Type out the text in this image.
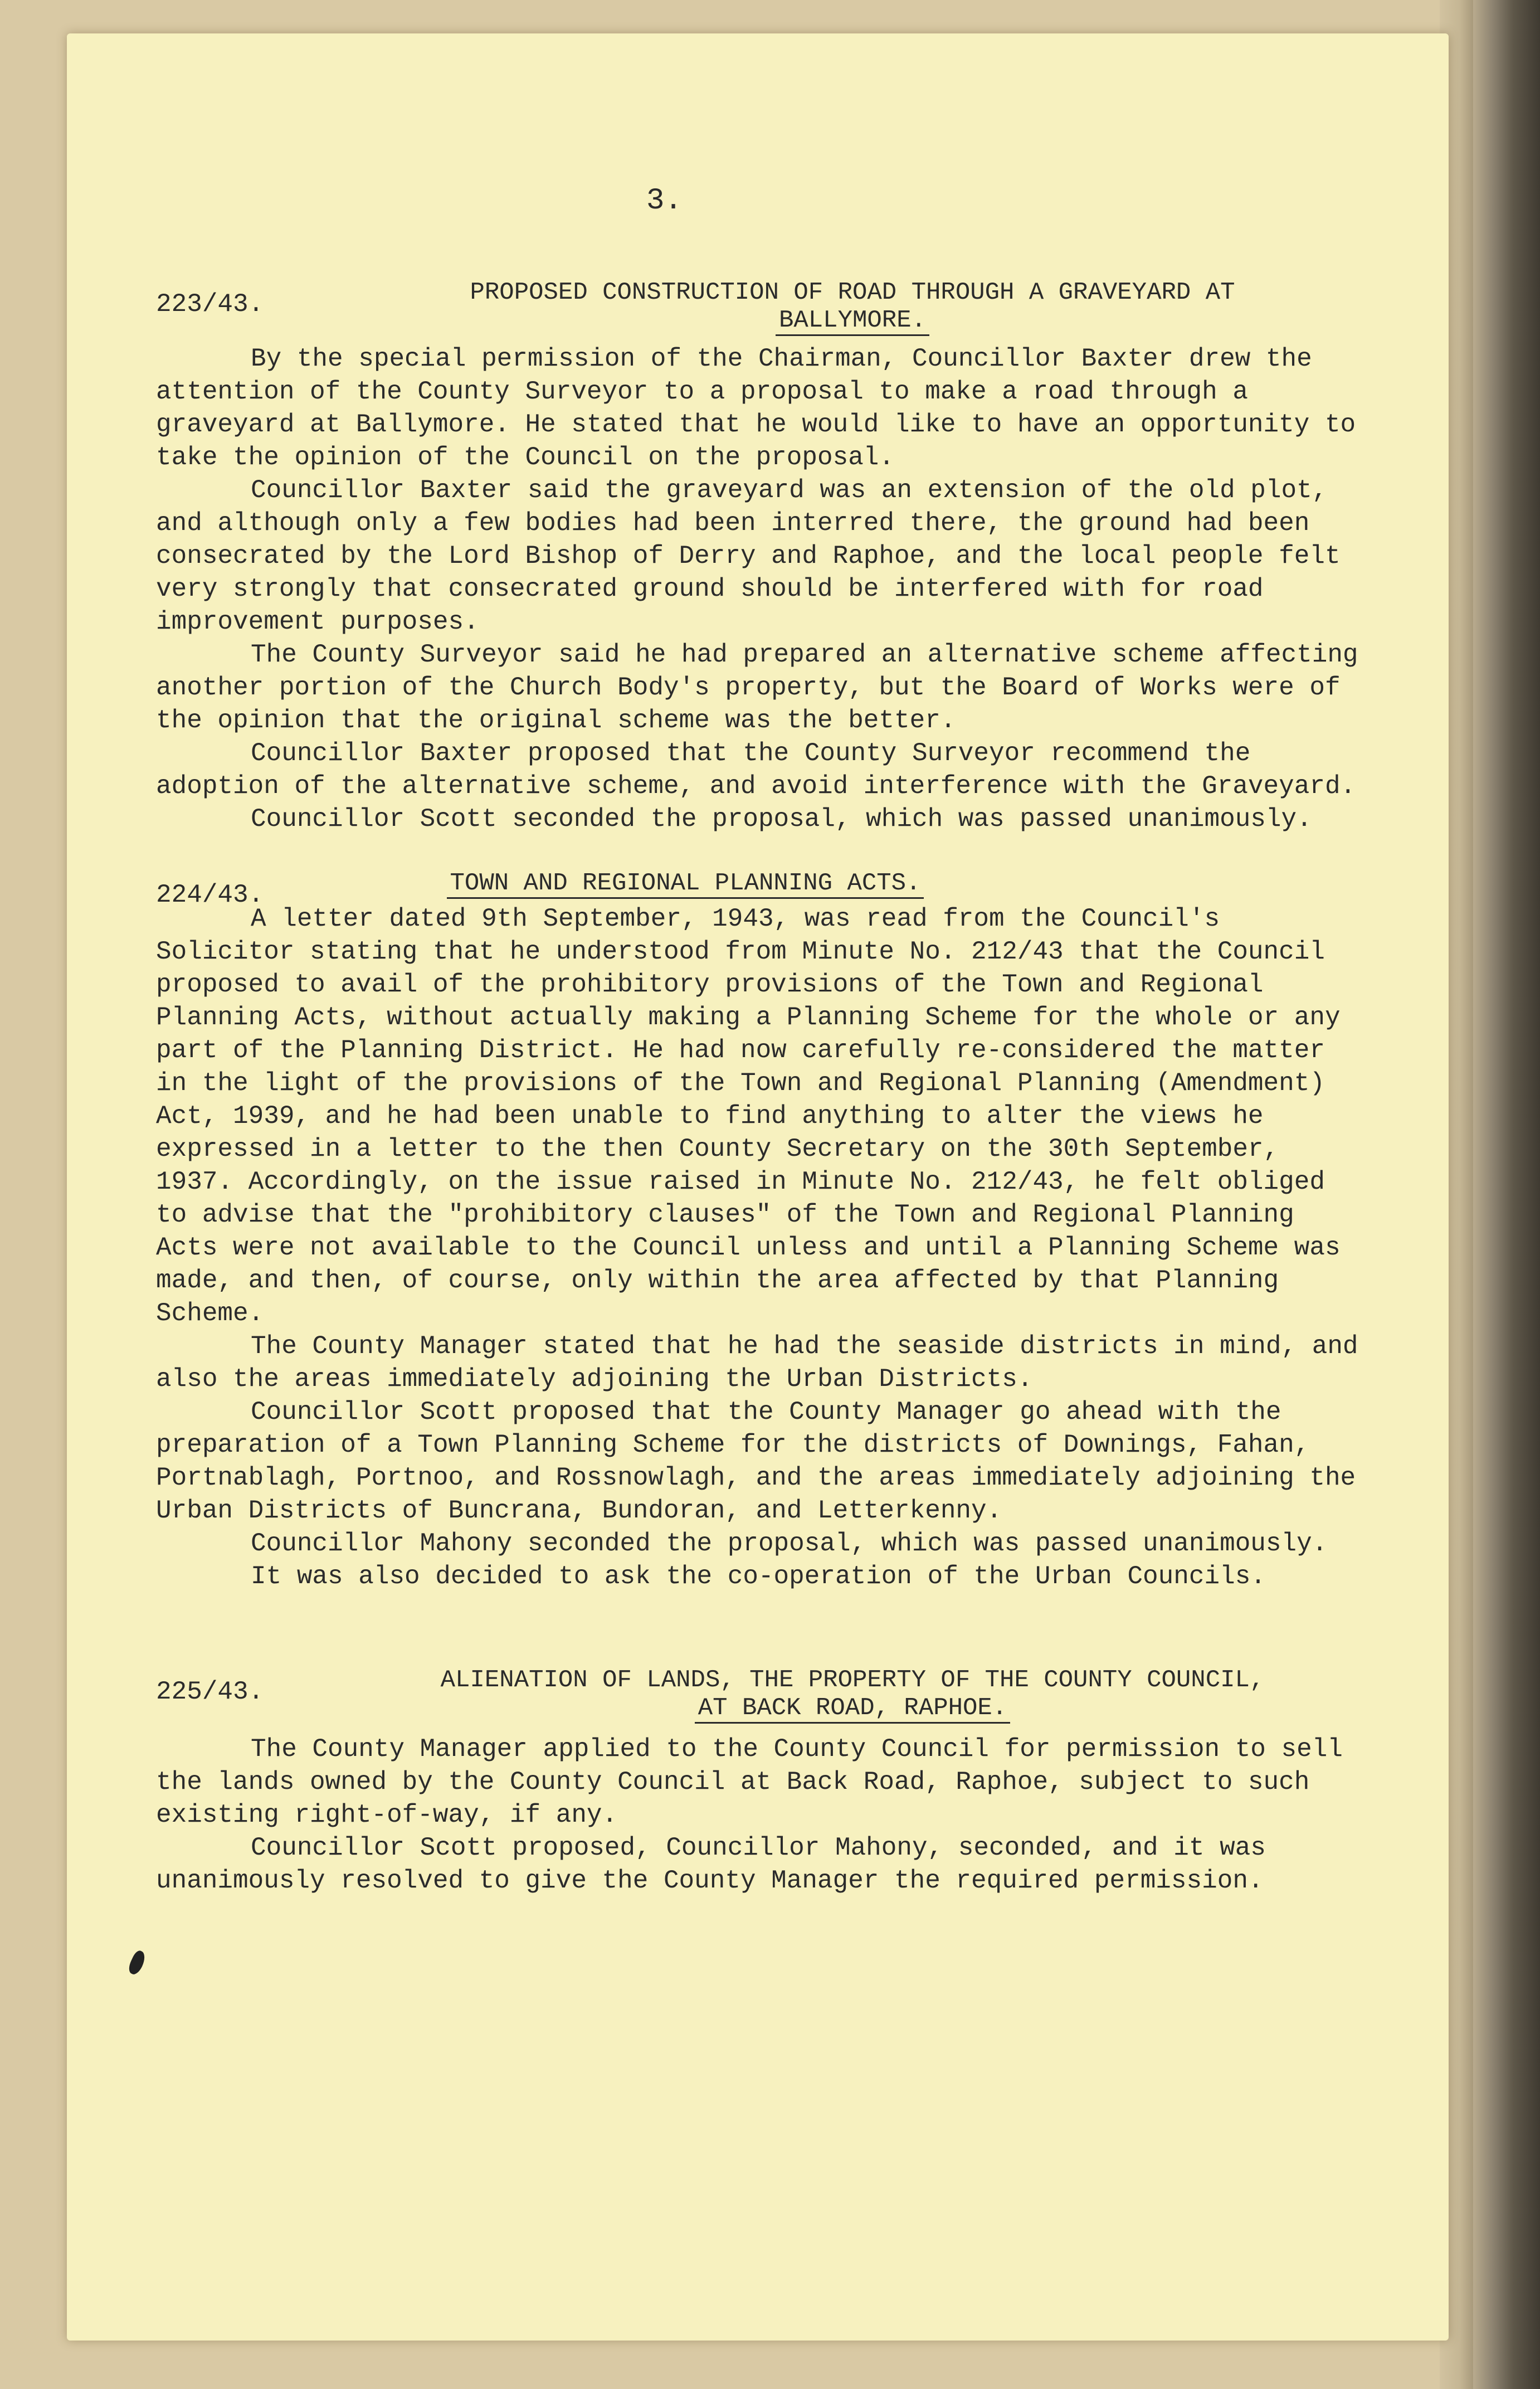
3.
223/43.	PROPOSED CONSTRUCTION OF ROAD THROUGH A GRAVEYARD AT
BALLYMORE.

By the special permission of the Chairman, Councillor Baxter drew the attention of the County Surveyor to a proposal to make a road through a graveyard at Ballymore. He stated that he would like to have an opportunity to take the opinion of the Council on the proposal.

Councillor Baxter said the graveyard was an extension of the old plot, and although only a few bodies had been interred there, the ground had been consecrated by the Lord Bishop of Derry and Raphoe, and the local people felt very strongly that consecrated ground should be interfered with for road improvement purposes.

The County Surveyor said he had prepared an alternative scheme affecting another portion of the Church Body's property, but the Board of Works were of the opinion that the original scheme was the better.

Councillor Baxter proposed that the County Surveyor recommend the adoption of the alternative scheme, and avoid interference with the Graveyard.

Councillor Scott seconded the proposal, which was passed unanimously.

224/43.	TOWN AND REGIONAL PLANNING ACTS.

A letter dated 9th September, 1943, was read from the Council's Solicitor stating that he understood from Minute No. 212/43 that the Council proposed to avail of the prohibitory provisions of the Town and Regional Planning Acts, without actually making a Planning Scheme for the whole or any part of the Planning District. He had now carefully re-considered the matter in the light of the provisions of the Town and Regional Planning (Amendment) Act, 1939, and he had been unable to find anything to alter the views he expressed in a letter to the then County Secretary on the 30th September, 1937. Accordingly, on the issue raised in Minute No. 212/43, he felt obliged to advise that the "prohibitory clauses" of the Town and Regional Planning Acts were not available to the Council unless and until a Planning Scheme was made, and then, of course, only within the area affected by that Planning Scheme.

The County Manager stated that he had the seaside districts in mind, and also the areas immediately adjoining the Urban Districts.

Councillor Scott proposed that the County Manager go ahead with the preparation of a Town Planning Scheme for the districts of Downings, Fahan, Portnablagh, Portnoo, and Rossnowlagh, and the areas immediately adjoining the Urban Districts of Buncrana, Bundoran, and Letterkenny.

Councillor Mahony seconded the proposal, which was passed unanimously.

It was also decided to ask the co-operation of the Urban Councils.

225/43.	ALIENATION OF LANDS, THE PROPERTY OF THE COUNTY COUNCIL,
AT BACK ROAD, RAPHOE.

The County Manager applied to the County Council for permission to sell the lands owned by the County Council at Back Road, Raphoe, subject to such existing right-of-way, if any.

Councillor Scott proposed, Councillor Mahony, seconded, and it was unanimously resolved to give the County Manager the required permission.
